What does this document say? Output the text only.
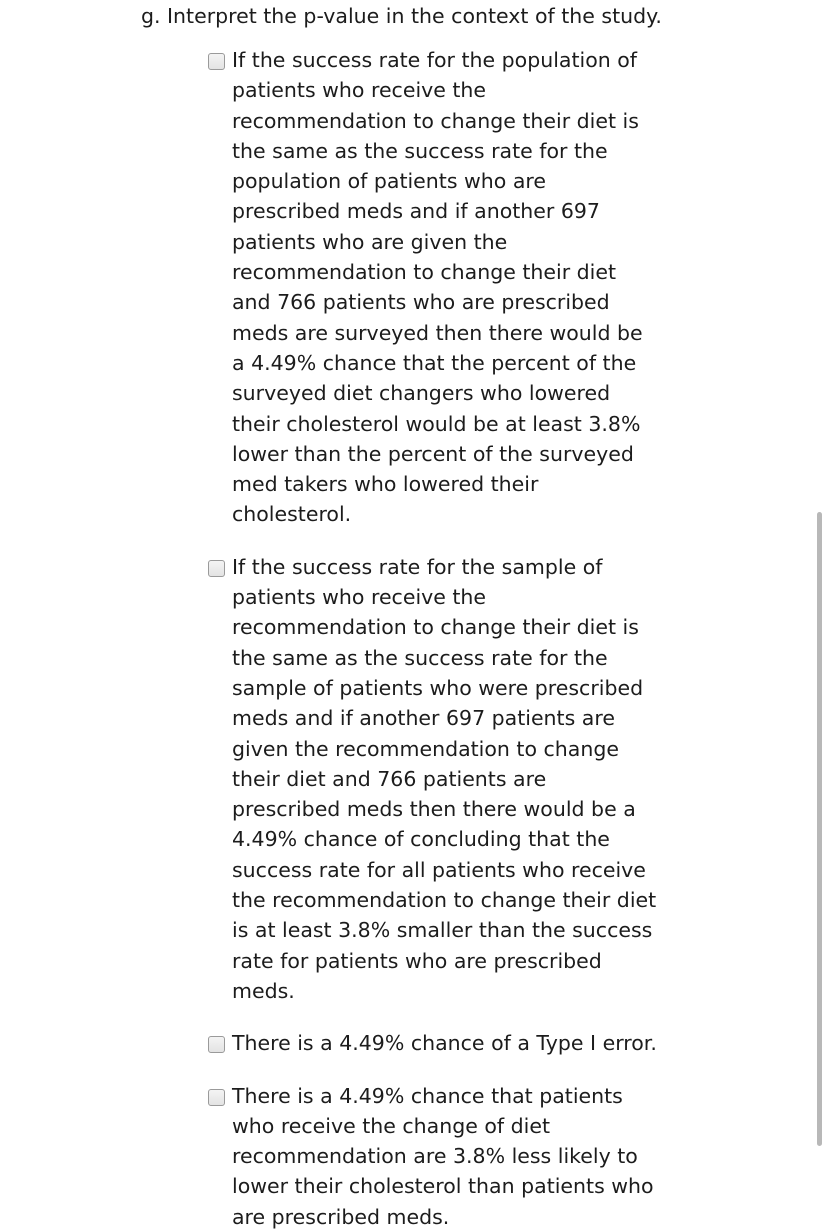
g. Interpret the p-value in the context of the study.
If the success rate for the population of patients who receive the recommendation to change their diet is the same as the success rate for the population of patients who are prescribed meds and if another 697 patients who are given the recommendation to change their diet and 766 patients who are prescribed meds are surveyed then there would be a 4.49% chance that the percent of the surveyed diet changers who lowered their cholesterol would be at least 3.8% lower than the percent of the surveyed med takers who lowered their cholesterol.
If the success rate for the sample of patients who receive the recommendation to change their diet is the same as the success rate for the sample of patients who were prescribed meds and if another 697 patients are given the recommendation to change their diet and 766 patients are prescribed meds then there would be a 4.49% chance of concluding that the success rate for all patients who receive the recommendation to change their diet is at least 3.8% smaller than the success rate for patients who are prescribed meds.
There is a 4.49% chance of a Type I error.
There is a 4.49% chance that patients who receive the change of diet recommendation are 3.8% less likely to lower their cholesterol than patients who are prescribed meds.
